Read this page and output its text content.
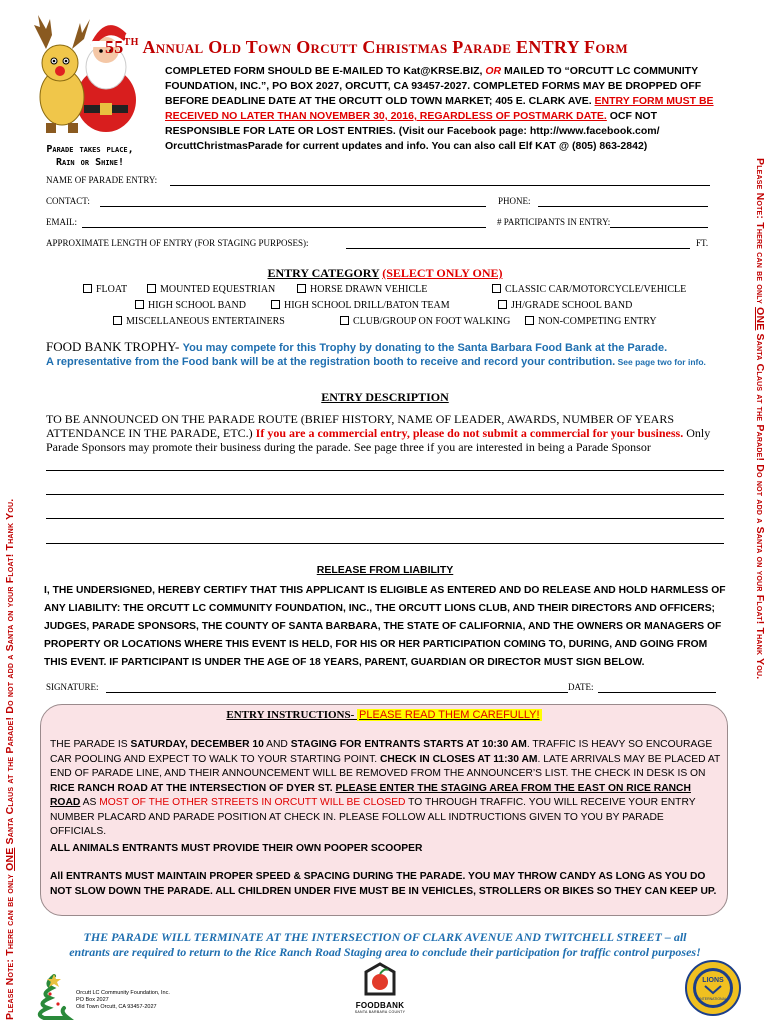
Please Note: There can be only ONE Santa Claus at the Parade! Do not add a Santa on your Float! Thank You.
Please Note: There can be only ONE Santa Claus at the Parade! Do not add a Santa on your Float! Thank You.
55TH Annual Old Town Orcutt Christmas Parade ENTRY Form
Parade takes place,
Rain or Shine!
COMPLETED FORM SHOULD BE E-MAILED TO Kat@KRSE.BIZ, OR MAILED TO “ORCUTT LC COMMUNITY FOUNDATION, INC.”, PO BOX 2027, ORCUTT, CA 93457-2027. COMPLETED FORMS MAY BE DROPPED OFF BEFORE DEADLINE DATE AT THE ORCUTT OLD TOWN MARKET; 405 E. CLARK AVE. ENTRY FORM MUST BE RECEIVED NO LATER THAN NOVEMBER 30, 2016, REGARDLESS OF POSTMARK DATE. OCF NOT RESPONSIBLE FOR LATE OR LOST ENTRIES. (Visit our Facebook page: http://www.facebook.com/ OrcuttChristmasParade for current updates and info. You can also call Elf KAT @ (805) 863-2842)
NAME OF PARADE ENTRY:
CONTACT:	PHONE:
EMAIL:	# PARTICIPANTS IN ENTRY:
APPROXIMATE LENGTH OF ENTRY (FOR STAGING PURPOSES):	FT.
ENTRY CATEGORY (SELECT ONLY ONE)
FLOAT	MOUNTED EQUESTRIAN	HORSE DRAWN VEHICLE	CLASSIC CAR/MOTORCYCLE/VEHICLE
HIGH SCHOOL BAND	HIGH SCHOOL DRILL/BATON TEAM	JH/GRADE SCHOOL BAND
MISCELLANEOUS ENTERTAINERS	CLUB/GROUP ON FOOT WALKING	NON-COMPETING ENTRY
FOOD BANK TROPHY- You may compete for this Trophy by donating to the Santa Barbara Food Bank at the Parade.
A representative from the Food bank will be at the registration booth to receive and record your contribution. See page two for info.
ENTRY DESCRIPTION
TO BE ANNOUNCED ON THE PARADE ROUTE (BRIEF HISTORY, NAME OF LEADER, AWARDS, NUMBER OF YEARS ATTENDANCE IN THE PARADE, ETC.) If you are a commercial entry, please do not submit a commercial for your business. Only Parade Sponsors may promote their business during the parade. See page three if you are interested in being a Parade Sponsor
RELEASE FROM LIABILITY
I, THE UNDERSIGNED, HEREBY CERTIFY THAT THIS APPLICANT IS ELIGIBLE AS ENTERED AND DO RELEASE AND HOLD HARMLESS OF ANY LIABILITY: THE ORCUTT LC COMMUNITY FOUNDATION, INC., THE ORCUTT LIONS CLUB, AND THEIR DIRECTORS AND OFFICERS; JUDGES, PARADE SPONSORS, THE COUNTY OF SANTA BARBARA, THE STATE OF CALIFORNIA, AND THE OWNERS OR MANAGERS OF PROPERTY OR LOCATIONS WHERE THIS EVENT IS HELD, FOR HIS OR HER PARTICIPATION COMING TO, DURING, AND GOING FROM THIS EVENT. IF PARTICIPANT IS UNDER THE AGE OF 18 YEARS, PARENT, GUARDIAN OR DIRECTOR MUST SIGN BELOW.
SIGNATURE:	DATE:
ENTRY INSTRUCTIONS- PLEASE READ THEM CAREFULLY!
THE PARADE IS SATURDAY, DECEMBER 10 AND STAGING FOR ENTRANTS STARTS AT 10:30 AM. TRAFFIC IS HEAVY SO ENCOURAGE CAR POOLING AND EXPECT TO WALK TO YOUR STARTING POINT. CHECK IN CLOSES AT 11:30 AM. LATE ARRIVALS MAY BE PLACED AT END OF PARADE LINE, AND THEIR ANNOUNCEMENT WILL BE REMOVED FROM THE ANNOUNCER’S LIST. THE CHECK IN DESK IS ON RICE RANCH ROAD AT THE INTERSECTION OF DYER ST. PLEASE ENTER THE STAGING AREA FROM THE EAST ON RICE RANCH ROAD AS MOST OF THE OTHER STREETS IN ORCUTT WILL BE CLOSED TO THROUGH TRAFFIC. YOU WILL RECEIVE YOUR ENTRY NUMBER PLACARD AND PARADE POSITION AT CHECK IN. PLEASE FOLLOW ALL INDTRUCTIONS GIVEN TO YOU BY PARADE OFFICIALS.
ALL ANIMALS ENTRANTS MUST PROVIDE THEIR OWN POOPER SCOOPER
All ENTRANTS MUST MAINTAIN PROPER SPEED & SPACING DURING THE PARADE. YOU MAY THROW CANDY AS LONG AS YOU DO NOT SLOW DOWN THE PARADE. ALL CHILDREN UNDER FIVE MUST BE IN VEHICLES, STROLLERS OR BIKES SO THEY CAN KEEP UP.
THE PARADE WILL TERMINATE AT THE INTERSECTION OF CLARK AVENUE AND TWITCHELL STREET – all
entrants are required to return to the Rice Ranch Road Staging area to conclude their participation for traffic control purposes!
Orcutt LC Community Foundation, Inc.
PO Box 2027
Old Town Orcutt, CA 93457-2027	FOODBANK
SANTA BARBARA COUNTY
LIONS
INTERNATIONAL
